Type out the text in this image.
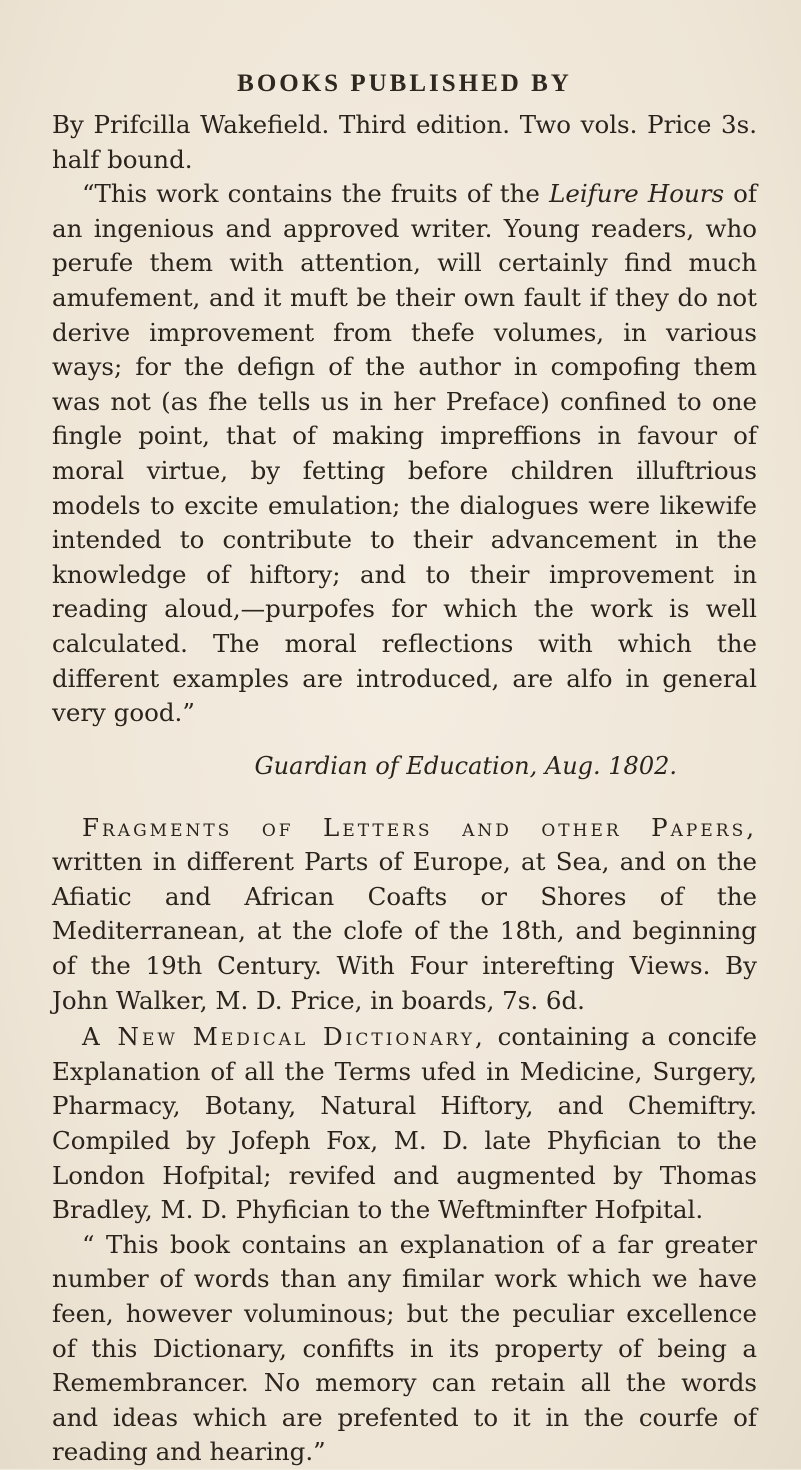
BOOKS PUBLISHED BY

By Prifcilla Wakefield. Third edition. Two vols. Price 3s. half bound.

“This work contains the fruits of the Leifure Hours of an ingenious and approved writer. Young readers, who perufe them with attention, will certainly find much amufement, and it muft be their own fault if they do not derive improvement from thefe volumes, in various ways; for the defign of the author in compofing them was not (as fhe tells us in her Preface) confined to one fingle point, that of making impreffions in favour of moral virtue, by fetting before children illuftrious models to excite emulation; the dialogues were likewife intended to contribute to their advancement in the knowledge of hiftory; and to their improvement in reading aloud,—purpofes for which the work is well calculated. The moral reflections with which the different examples are introduced, are alfo in general very good.”

Guardian of Education, Aug. 1802.

Fragments of Letters and other Papers, written in different Parts of Europe, at Sea, and on the Afiatic and African Coafts or Shores of the Mediterranean, at the clofe of the 18th, and beginning of the 19th Century. With Four interefting Views. By John Walker, M. D. Price, in boards, 7s. 6d.

A New Medical Dictionary, containing a concife Explanation of all the Terms ufed in Medicine, Surgery, Pharmacy, Botany, Natural Hiftory, and Chemiftry. Compiled by Jofeph Fox, M. D. late Phyfician to the London Hofpital; revifed and augmented by Thomas Bradley, M. D. Phyfician to the Weftminfter Hofpital.

“ This book contains an explanation of a far greater number of words than any fimilar work which we have feen, however voluminous; but the peculiar excellence of this Dictionary, confifts in its property of being a Remembrancer. No memory can retain all the words and ideas which are prefented to it in the courfe of reading and hearing.”
